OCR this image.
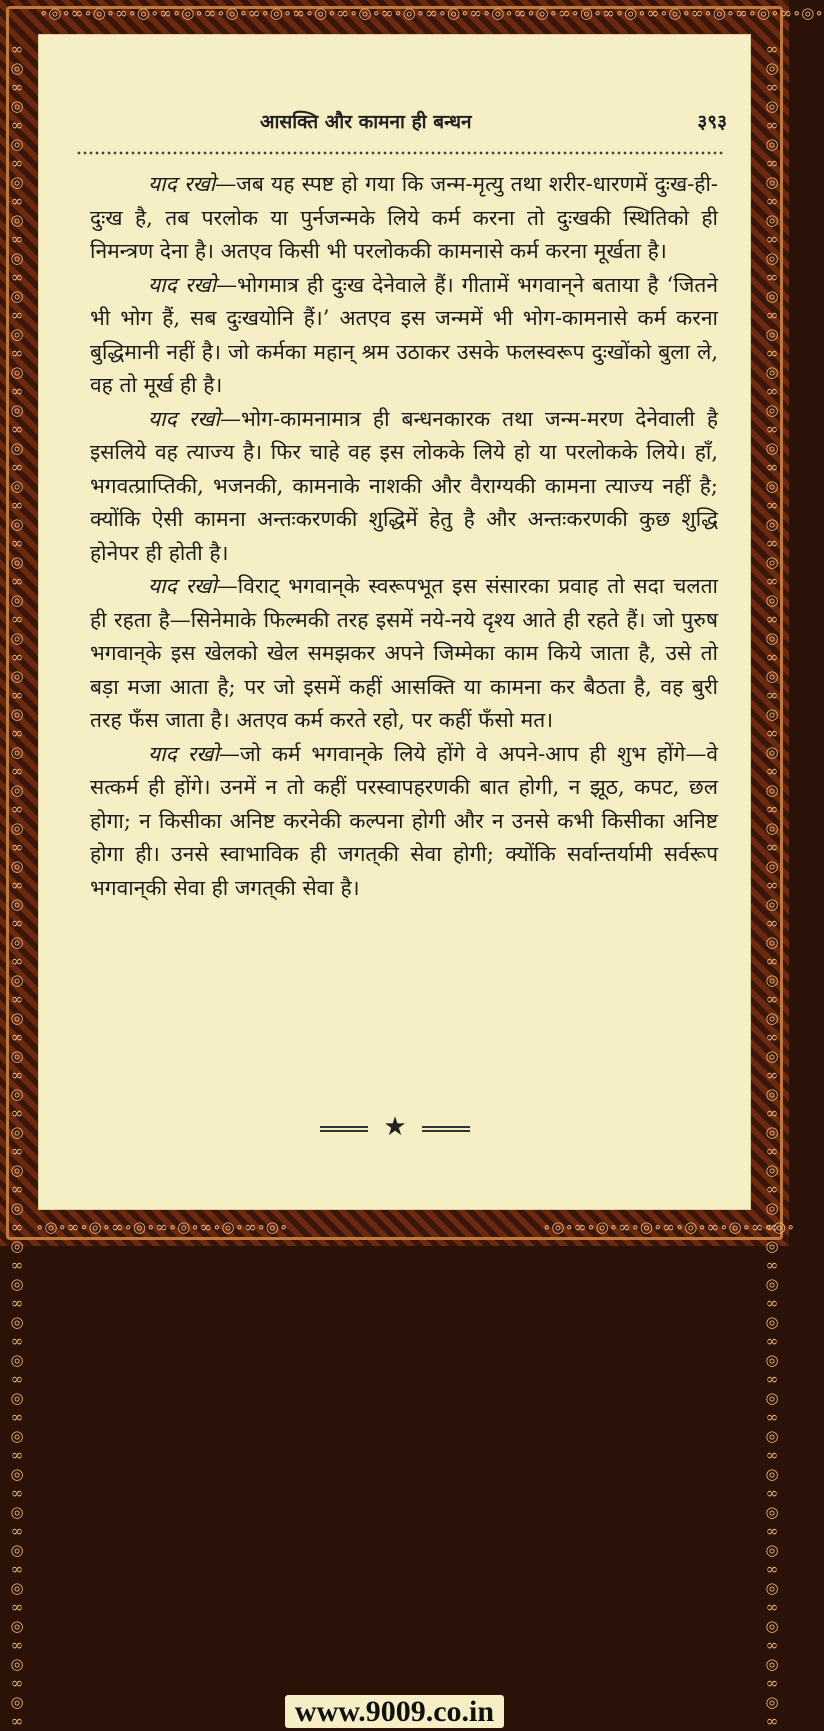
∘◎∘∞∘◎∘∞∘◎∘∞∘◎∘∞∘◎∘∞∘◎∘∞∘◎∘∞∘◎∘∞∘◎∘∞∘◎∘∞∘◎∘∞∘◎∘∞∘◎∘∞∘◎∘∞∘◎∘∞∘◎∘∞∘◎∘∞∘◎∘
∞◎∞◎∞◎∞◎∞◎∞◎∞◎∞◎∞◎∞◎∞◎∞◎∞◎∞◎∞◎∞◎∞◎∞◎∞◎∞◎∞◎∞◎∞◎∞◎∞◎∞◎∞◎∞◎∞◎∞◎∞◎∞◎∞◎∞◎∞◎∞◎∞◎∞◎∞◎∞◎∞◎∞◎∞◎∞◎∞	∞◎∞◎∞◎∞◎∞◎∞◎∞◎∞◎∞◎∞◎∞◎∞◎∞◎∞◎∞◎∞◎∞◎∞◎∞◎∞◎∞◎∞◎∞◎∞◎∞◎∞◎∞◎∞◎∞◎∞◎∞◎∞◎∞◎∞◎∞◎∞◎∞◎∞◎∞◎∞◎∞◎∞◎∞◎∞◎∞
∘◎∘∞∘◎∘∞∘◎∘∞∘◎∘∞∘◎∘∞∘◎∘	∘◎∘∞∘◎∘∞∘◎∘∞∘◎∘∞∘◎∘∞∘◎∘
आसक्ति और कामना ही बन्धन	३९३

याद रखो—जब यह स्पष्ट हो गया कि जन्म-मृत्यु तथा शरीर-धारणमें दुःख-ही-दुःख है, तब परलोक या पुर्नजन्मके लिये कर्म करना तो दुःखकी स्थितिको ही निमन्त्रण देना है। अतएव किसी भी परलोककी कामनासे कर्म करना मूर्खता है।

याद रखो—भोगमात्र ही दुःख देनेवाले हैं। गीतामें भगवान्‌ने बताया है ‘जितने भी भोग हैं, सब दुःखयोनि हैं।’ अतएव इस जन्ममें भी भोग-कामनासे कर्म करना बुद्धिमानी नहीं है। जो कर्मका महान्‌ श्रम उठाकर उसके फलस्वरूप दुःखोंको बुला ले, वह तो मूर्ख ही है।

याद रखो—भोग-कामनामात्र ही बन्धनकारक तथा जन्म-मरण देनेवाली है इसलिये वह त्याज्य है। फिर चाहे वह इस लोकके लिये हो या परलोकके लिये। हाँ, भगवत्प्राप्तिकी, भजनकी, कामनाके नाशकी और वैराग्यकी कामना त्याज्य नहीं है; क्योंकि ऐसी कामना अन्तःकरणकी शुद्धिमें हेतु है और अन्तःकरणकी कुछ शुद्धि होनेपर ही होती है।

याद रखो—विराट्‌ भगवान्‌के स्वरूपभूत इस संसारका प्रवाह तो सदा चलता ही रहता है—सिनेमाके फिल्मकी तरह इसमें नये-नये दृश्य आते ही रहते हैं। जो पुरुष भगवान्‌के इस खेलको खेल समझकर अपने जिम्मेका काम किये जाता है, उसे तो बड़ा मजा आता है; पर जो इसमें कहीं आसक्ति या कामना कर बैठता है, वह बुरी तरह फँस जाता है। अतएव कर्म करते रहो, पर कहीं फँसो मत।

याद रखो—जो कर्म भगवान्‌के लिये होंगे वे अपने-आप ही शुभ होंगे—वे सत्कर्म ही होंगे। उनमें न तो कहीं परस्वापहरणकी बात होगी, न झूठ, कपट, छल होगा; न किसीका अनिष्ट करनेकी कल्पना होगी और न उनसे कभी किसीका अनिष्ट होगा ही। उनसे स्वाभाविक ही जगत्‌की सेवा होगी; क्योंकि सर्वान्तर्यामी सर्वरूप भगवान्‌की सेवा ही जगत्‌की सेवा है।

★
www.9009.co.in
